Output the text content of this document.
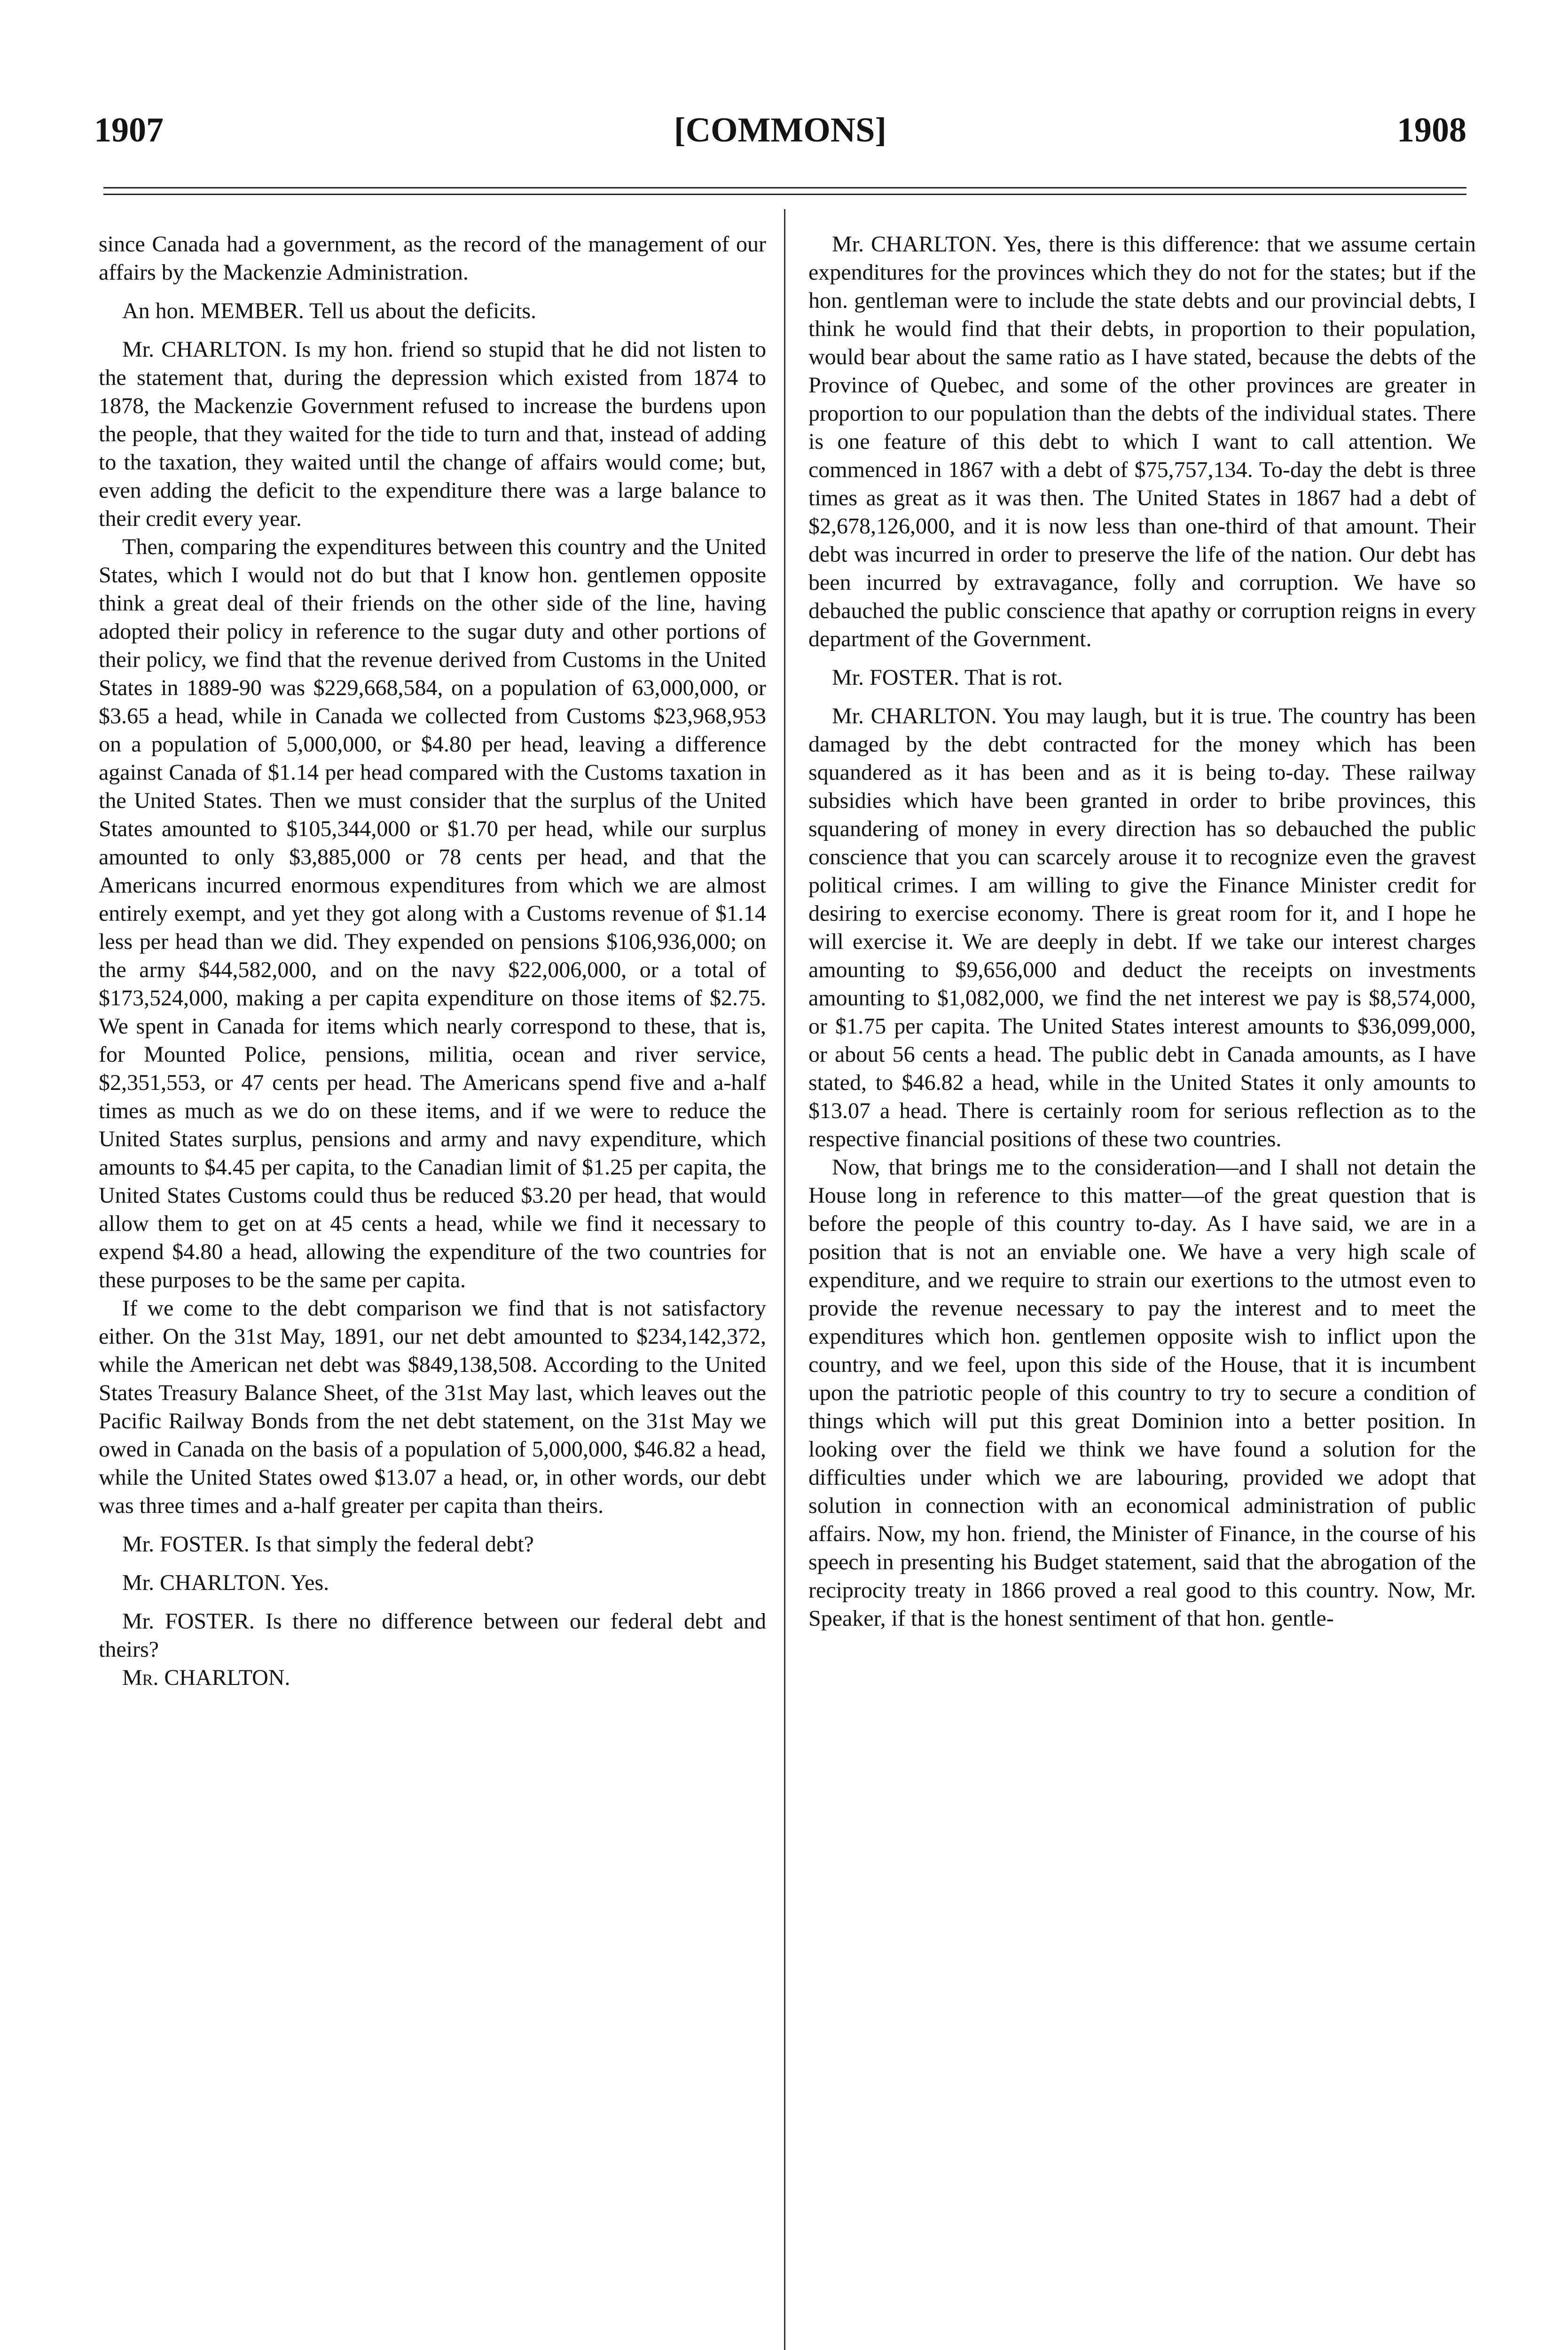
1907	[COMMONS]	1908

since Canada had a government, as the record of the management of our affairs by the Mackenzie Administration.

An hon. MEMBER. Tell us about the deficits.

Mr. CHARLTON. Is my hon. friend so stupid that he did not listen to the statement that, during the depression which existed from 1874 to 1878, the Mackenzie Government refused to increase the burdens upon the people, that they waited for the tide to turn and that, instead of adding to the taxation, they waited until the change of affairs would come; but, even adding the deficit to the expenditure there was a large balance to their credit every year.

Then, comparing the expenditures between this country and the United States, which I would not do but that I know hon. gentlemen opposite think a great deal of their friends on the other side of the line, having adopted their policy in reference to the sugar duty and other portions of their policy, we find that the revenue derived from Customs in the United States in 1889-90 was $229,668,584, on a population of 63,000,000, or $3.65 a head, while in Canada we collected from Customs $23,968,953 on a population of 5,000,000, or $4.80 per head, leaving a difference against Canada of $1.14 per head compared with the Customs taxation in the United States. Then we must consider that the surplus of the United States amounted to $105,344,000 or $1.70 per head, while our surplus amounted to only $3,885,000 or 78 cents per head, and that the Americans incurred enormous expenditures from which we are almost entirely exempt, and yet they got along with a Customs revenue of $1.14 less per head than we did. They expended on pensions $106,936,000; on the army $44,582,000, and on the navy $22,006,000, or a total of $173,524,000, making a per capita expenditure on those items of $2.75. We spent in Canada for items which nearly correspond to these, that is, for Mounted Police, pensions, militia, ocean and river service, $2,351,553, or 47 cents per head. The Americans spend five and a-half times as much as we do on these items, and if we were to reduce the United States surplus, pensions and army and navy expenditure, which amounts to $4.45 per capita, to the Canadian limit of $1.25 per capita, the United States Customs could thus be reduced $3.20 per head, that would allow them to get on at 45 cents a head, while we find it necessary to expend $4.80 a head, allowing the expenditure of the two countries for these purposes to be the same per capita.

If we come to the debt comparison we find that is not satisfactory either. On the 31st May, 1891, our net debt amounted to $234,142,372, while the American net debt was $849,138,508. According to the United States Treasury Balance Sheet, of the 31st May last, which leaves out the Pacific Railway Bonds from the net debt statement, on the 31st May we owed in Canada on the basis of a population of 5,000,000, $46.82 a head, while the United States owed $13.07 a head, or, in other words, our debt was three times and a-half greater per capita than theirs.

Mr. FOSTER. Is that simply the federal debt?

Mr. CHARLTON. Yes.

Mr. FOSTER. Is there no difference between our federal debt and theirs?

Mr. CHARLTON.

Mr. CHARLTON. Yes, there is this difference: that we assume certain expenditures for the provinces which they do not for the states; but if the hon. gentleman were to include the state debts and our provincial debts, I think he would find that their debts, in proportion to their population, would bear about the same ratio as I have stated, because the debts of the Province of Quebec, and some of the other provinces are greater in proportion to our population than the debts of the individual states. There is one feature of this debt to which I want to call attention. We commenced in 1867 with a debt of $75,757,134. To-day the debt is three times as great as it was then. The United States in 1867 had a debt of $2,678,126,000, and it is now less than one-third of that amount. Their debt was incurred in order to preserve the life of the nation. Our debt has been incurred by extravagance, folly and corruption. We have so debauched the public conscience that apathy or corruption reigns in every department of the Government.

Mr. FOSTER. That is rot.

Mr. CHARLTON. You may laugh, but it is true. The country has been damaged by the debt contracted for the money which has been squandered as it has been and as it is being to-day. These railway subsidies which have been granted in order to bribe provinces, this squandering of money in every direction has so debauched the public conscience that you can scarcely arouse it to recognize even the gravest political crimes. I am willing to give the Finance Minister credit for desiring to exercise economy. There is great room for it, and I hope he will exercise it. We are deeply in debt. If we take our interest charges amounting to $9,656,000 and deduct the receipts on investments amounting to $1,082,000, we find the net interest we pay is $8,574,000, or $1.75 per capita. The United States interest amounts to $36,099,000, or about 56 cents a head. The public debt in Canada amounts, as I have stated, to $46.82 a head, while in the United States it only amounts to $13.07 a head. There is certainly room for serious reflection as to the respective financial positions of these two countries.

Now, that brings me to the consideration—and I shall not detain the House long in reference to this matter—of the great question that is before the people of this country to-day. As I have said, we are in a position that is not an enviable one. We have a very high scale of expenditure, and we require to strain our exertions to the utmost even to provide the revenue necessary to pay the interest and to meet the expenditures which hon. gentlemen opposite wish to inflict upon the country, and we feel, upon this side of the House, that it is incumbent upon the patriotic people of this country to try to secure a condition of things which will put this great Dominion into a better position. In looking over the field we think we have found a solution for the difficulties under which we are labouring, provided we adopt that solution in connection with an economical administration of public affairs. Now, my hon. friend, the Minister of Finance, in the course of his speech in presenting his Budget statement, said that the abrogation of the reciprocity treaty in 1866 proved a real good to this country. Now, Mr. Speaker, if that is the honest sentiment of that hon. gentle-
